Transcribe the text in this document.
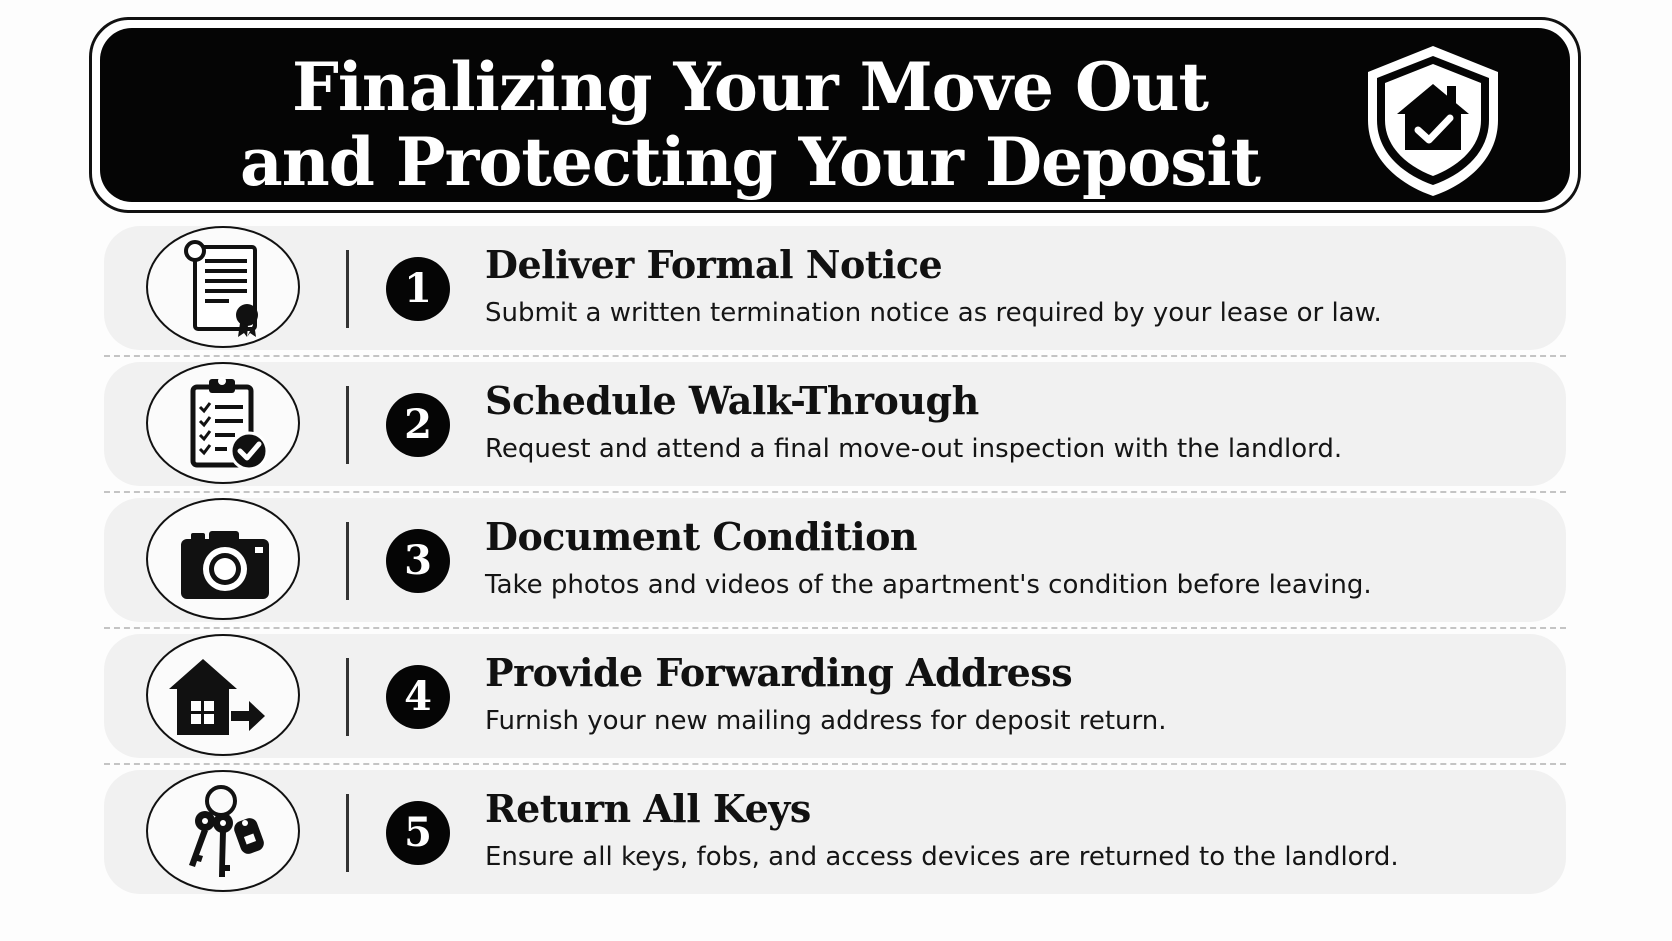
Finalizing Your Move Out
and Protecting Your Deposit
1
Deliver Formal Notice

Submit a written termination notice as required by your lease or law.

2
Schedule Walk-Through

Request and attend a final move-out inspection with the landlord.

3
Document Condition

Take photos and videos of the apartment's condition before leaving.

4
Provide Forwarding Address

Furnish your new mailing address for deposit return.

5
Return All Keys

Ensure all keys, fobs, and access devices are returned to the landlord.
